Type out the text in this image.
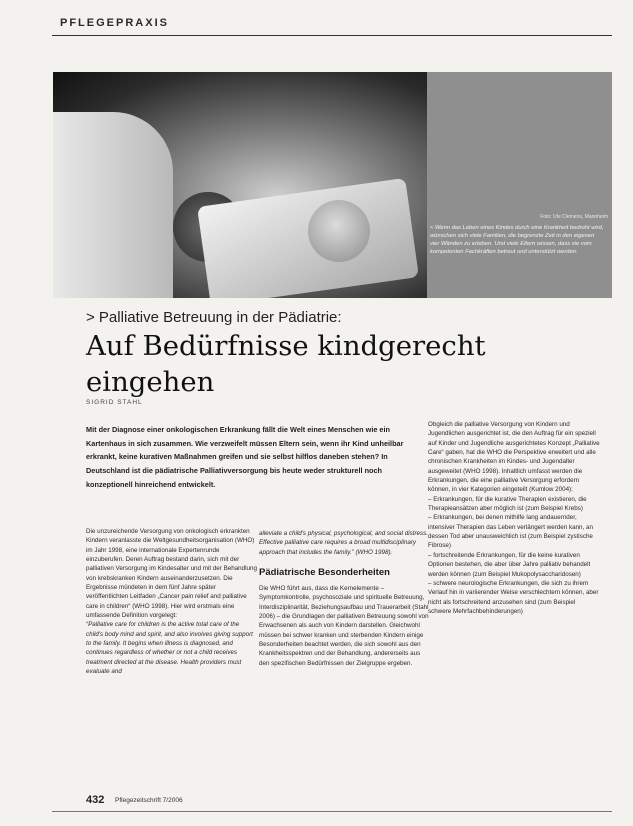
PFLEGEPRAXIS
Foto: Ute Clemens, Mannheim
< Wenn das Leben eines Kindes durch eine Krankheit bedroht wird, wünschen sich viele Familien, die begrenzte Zeit in den eigenen vier Wänden zu erleben. Und viele Eltern wissen, dass sie vom kompetenten Fachkräften betreut und unterstützt werden.
> Palliative Betreuung in der Pädiatrie:
Auf Bedürfnisse kindgerecht eingehen
SIGRID STAHL
Mit der Diagnose einer onkologischen Erkrankung fällt die Welt eines Menschen wie ein Kartenhaus in sich zusammen. Wie verzweifelt müssen Eltern sein, wenn ihr Kind unheilbar erkrankt, keine kurativen Maßnahmen greifen und sie selbst hilflos daneben stehen? In Deutschland ist die pädiatrische Palliativversorgung bis heute weder strukturell noch konzeptionell hinreichend entwickelt.

Die unzureichende Versorgung von onkologisch erkrankten Kindern veranlasste die Weltgesundheitsorganisation (WHO) im Jahr 1998, eine internationale Expertenrunde einzuberufen. Deren Auftrag bestand darin, sich mit der palliativen Versorgung im Kindesalter und mit der Behandlung von krebskranken Kindern auseinanderzusetzen. Die Ergebnisse mündeten in dem fünf Jahre später veröffentlichten Leitfaden „Cancer pain relief and palliative care in children“ (WHO 1998). Hier wird erstmals eine umfassende Definition vorgelegt:

“Palliative care for children is the active total care of the child's body mind and spirit, and also involves giving support to the family. It begins when illness is diagnosed, and continues regardless of whether or not a child receives treatment directed at the disease. Health providers must evaluate and

alleviate a child's physical, psychological, and social distress. Effective palliative care requires a broad multidisciplinary approach that includes the family.” (WHO 1998).

Pädiatrische Besonderheiten

Die WHO führt aus, dass die Kernelemente – Symptomkontrolle, psychosoziale und spirituelle Betreuung, Interdisziplinarität, Beziehungsaufbau und Trauerarbeit (Stahl 2006) – die Grundlagen der palliativen Betreuung sowohl von Erwachsenen als auch von Kindern darstellen. Gleichwohl müssen bei schwer kranken und sterbenden Kindern einige Besonderheiten beachtet werden, die sich sowohl aus den Krankheitsspektren und der Behandlung, andererseits aus den spezifischen Bedürfnissen der Zielgruppe ergeben.

Obgleich die palliative Versorgung von Kindern und Jugendlichen ausgerichtet ist, die den Auftrag für ein speziell auf Kinder und Jugendliche ausgerichtetes Konzept „Palliative Care“ gaben, hat die WHO die Perspektive erweitert und alle chronischen Krankheiten im Kindes- und Jugendalter ausgeweitet (WHO 1998). Inhaltlich umfasst werden die Erkrankungen, die eine palliative Versorgung erfordern können, in vier Kategorien eingeteilt (Kumlow 2004):

– Erkrankungen, für die kurative Therapien existieren, die Therapieansätzen aber möglich ist (zum Beispiel Krebs)
– Erkrankungen, bei denen mithilfe lang andauernder, intensiver Therapien das Leben verlängert werden kann, an dessen Tod aber unausweichlich ist (zum Beispiel zystische Fibrose)
– fortschreitende Erkrankungen, für die keine kurativen Optionen bestehen, die aber über Jahre palliativ behandelt werden können (zum Beispiel Mukopolysaccharidosen)
– schwere neurologische Erkrankungen, die sich zu ihrem Verlauf hin in variierender Weise verschlechtern können, aber nicht als fortschreitend anzusehen sind (zum Beispiel schwere Mehrfachbehinderungen)
432 Pflegezeitschrift 7/2006
